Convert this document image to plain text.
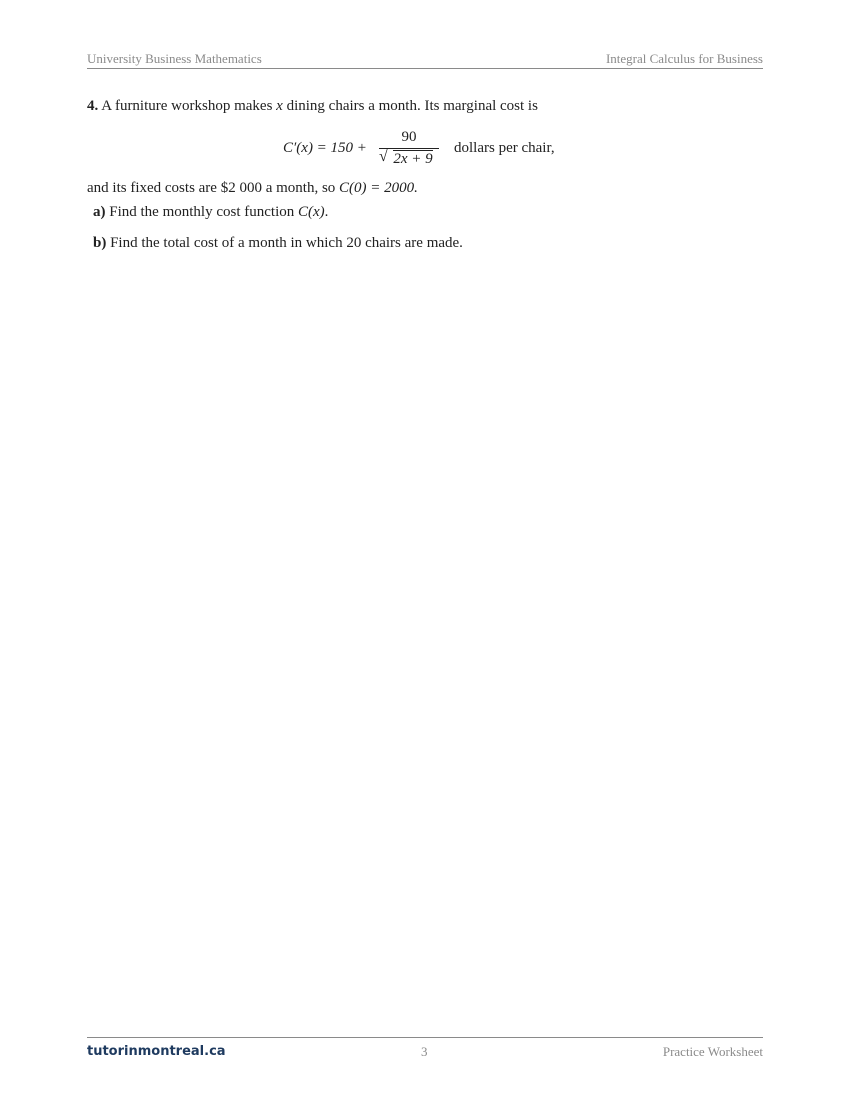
University Business Mathematics	Integral Calculus for Business
4. A furniture workshop makes x dining chairs a month. Its marginal cost is
C′(x) = 150 +
90
√ 2x + 9
dollars per chair,
and its fixed costs are $2 000 a month, so C(0) = 2000.
a) Find the monthly cost function C(x).
b) Find the total cost of a month in which 20 chairs are made.
tutorinmontreal.ca	3	Practice Worksheet
